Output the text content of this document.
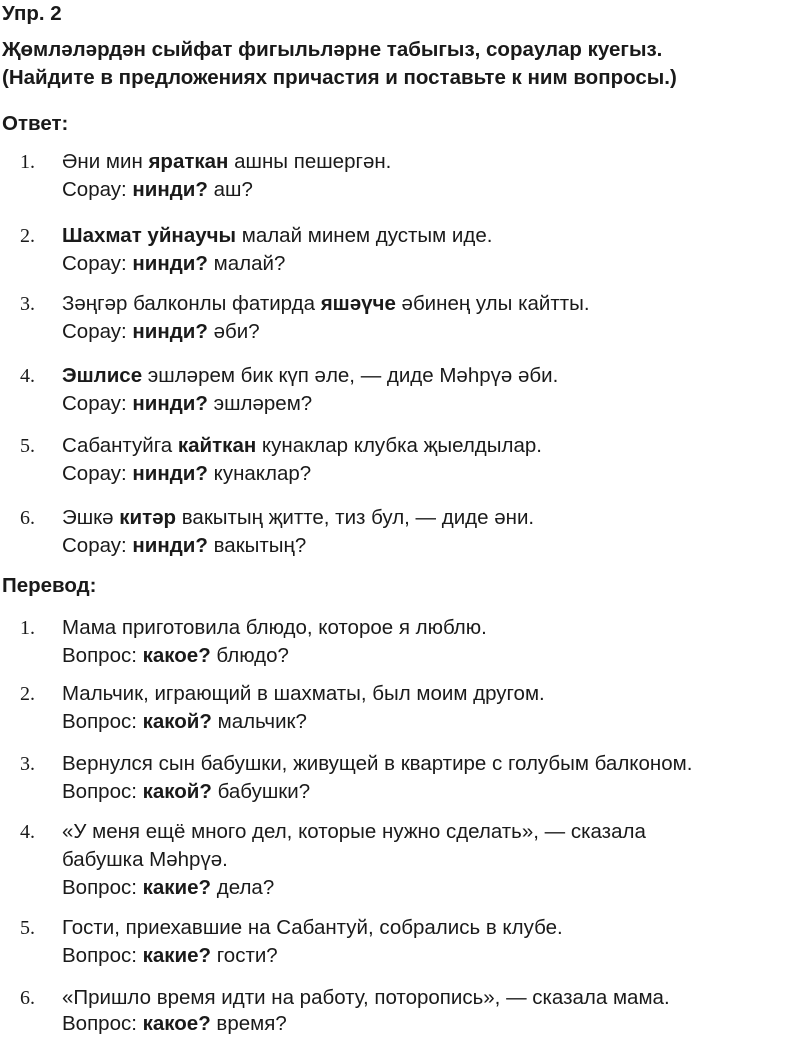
Упр. 2
Җөмләләрдән сыйфат фигыльләрне табыгыз, сораулар куегыз.
(Найдите в предложениях причастия и поставьте к ним вопросы.)
Ответ:
1. Әни мин яраткан ашны пешергән.
Сорау: нинди? аш?
2. Шахмат уйнаучы малай минем дустым иде.
Сорау: нинди? малай?
3. Зәңгәр балконлы фатирда яшәүче әбинең улы кайтты.
Сорау: нинди? әби?
4. Эшлисе эшләрем бик күп әле, — диде Мәһрүә әби.
Сорау: нинди? эшләрем?
5. Сабантуйга кайткан кунаклар клубка җыелдылар.
Сорау: нинди? кунаклар?
6. Эшкә китәр вакытың җитте, тиз бул, — диде әни.
Сорау: нинди? вакытың?
Перевод:
1. Мама приготовила блюдо, которое я люблю.
Вопрос: какое? блюдо?
2. Мальчик, играющий в шахматы, был моим другом.
Вопрос: какой? мальчик?
3. Вернулся сын бабушки, живущей в квартире с голубым балконом.
Вопрос: какой? бабушки?
4. «У меня ещё много дел, которые нужно сделать», — сказала
бабушка Мәһрүә.
Вопрос: какие? дела?
5. Гости, приехавшие на Сабантуй, собрались в клубе.
Вопрос: какие? гости?
6. «Пришло время идти на работу, поторопись», — сказала мама.
Вопрос: какое? время?
